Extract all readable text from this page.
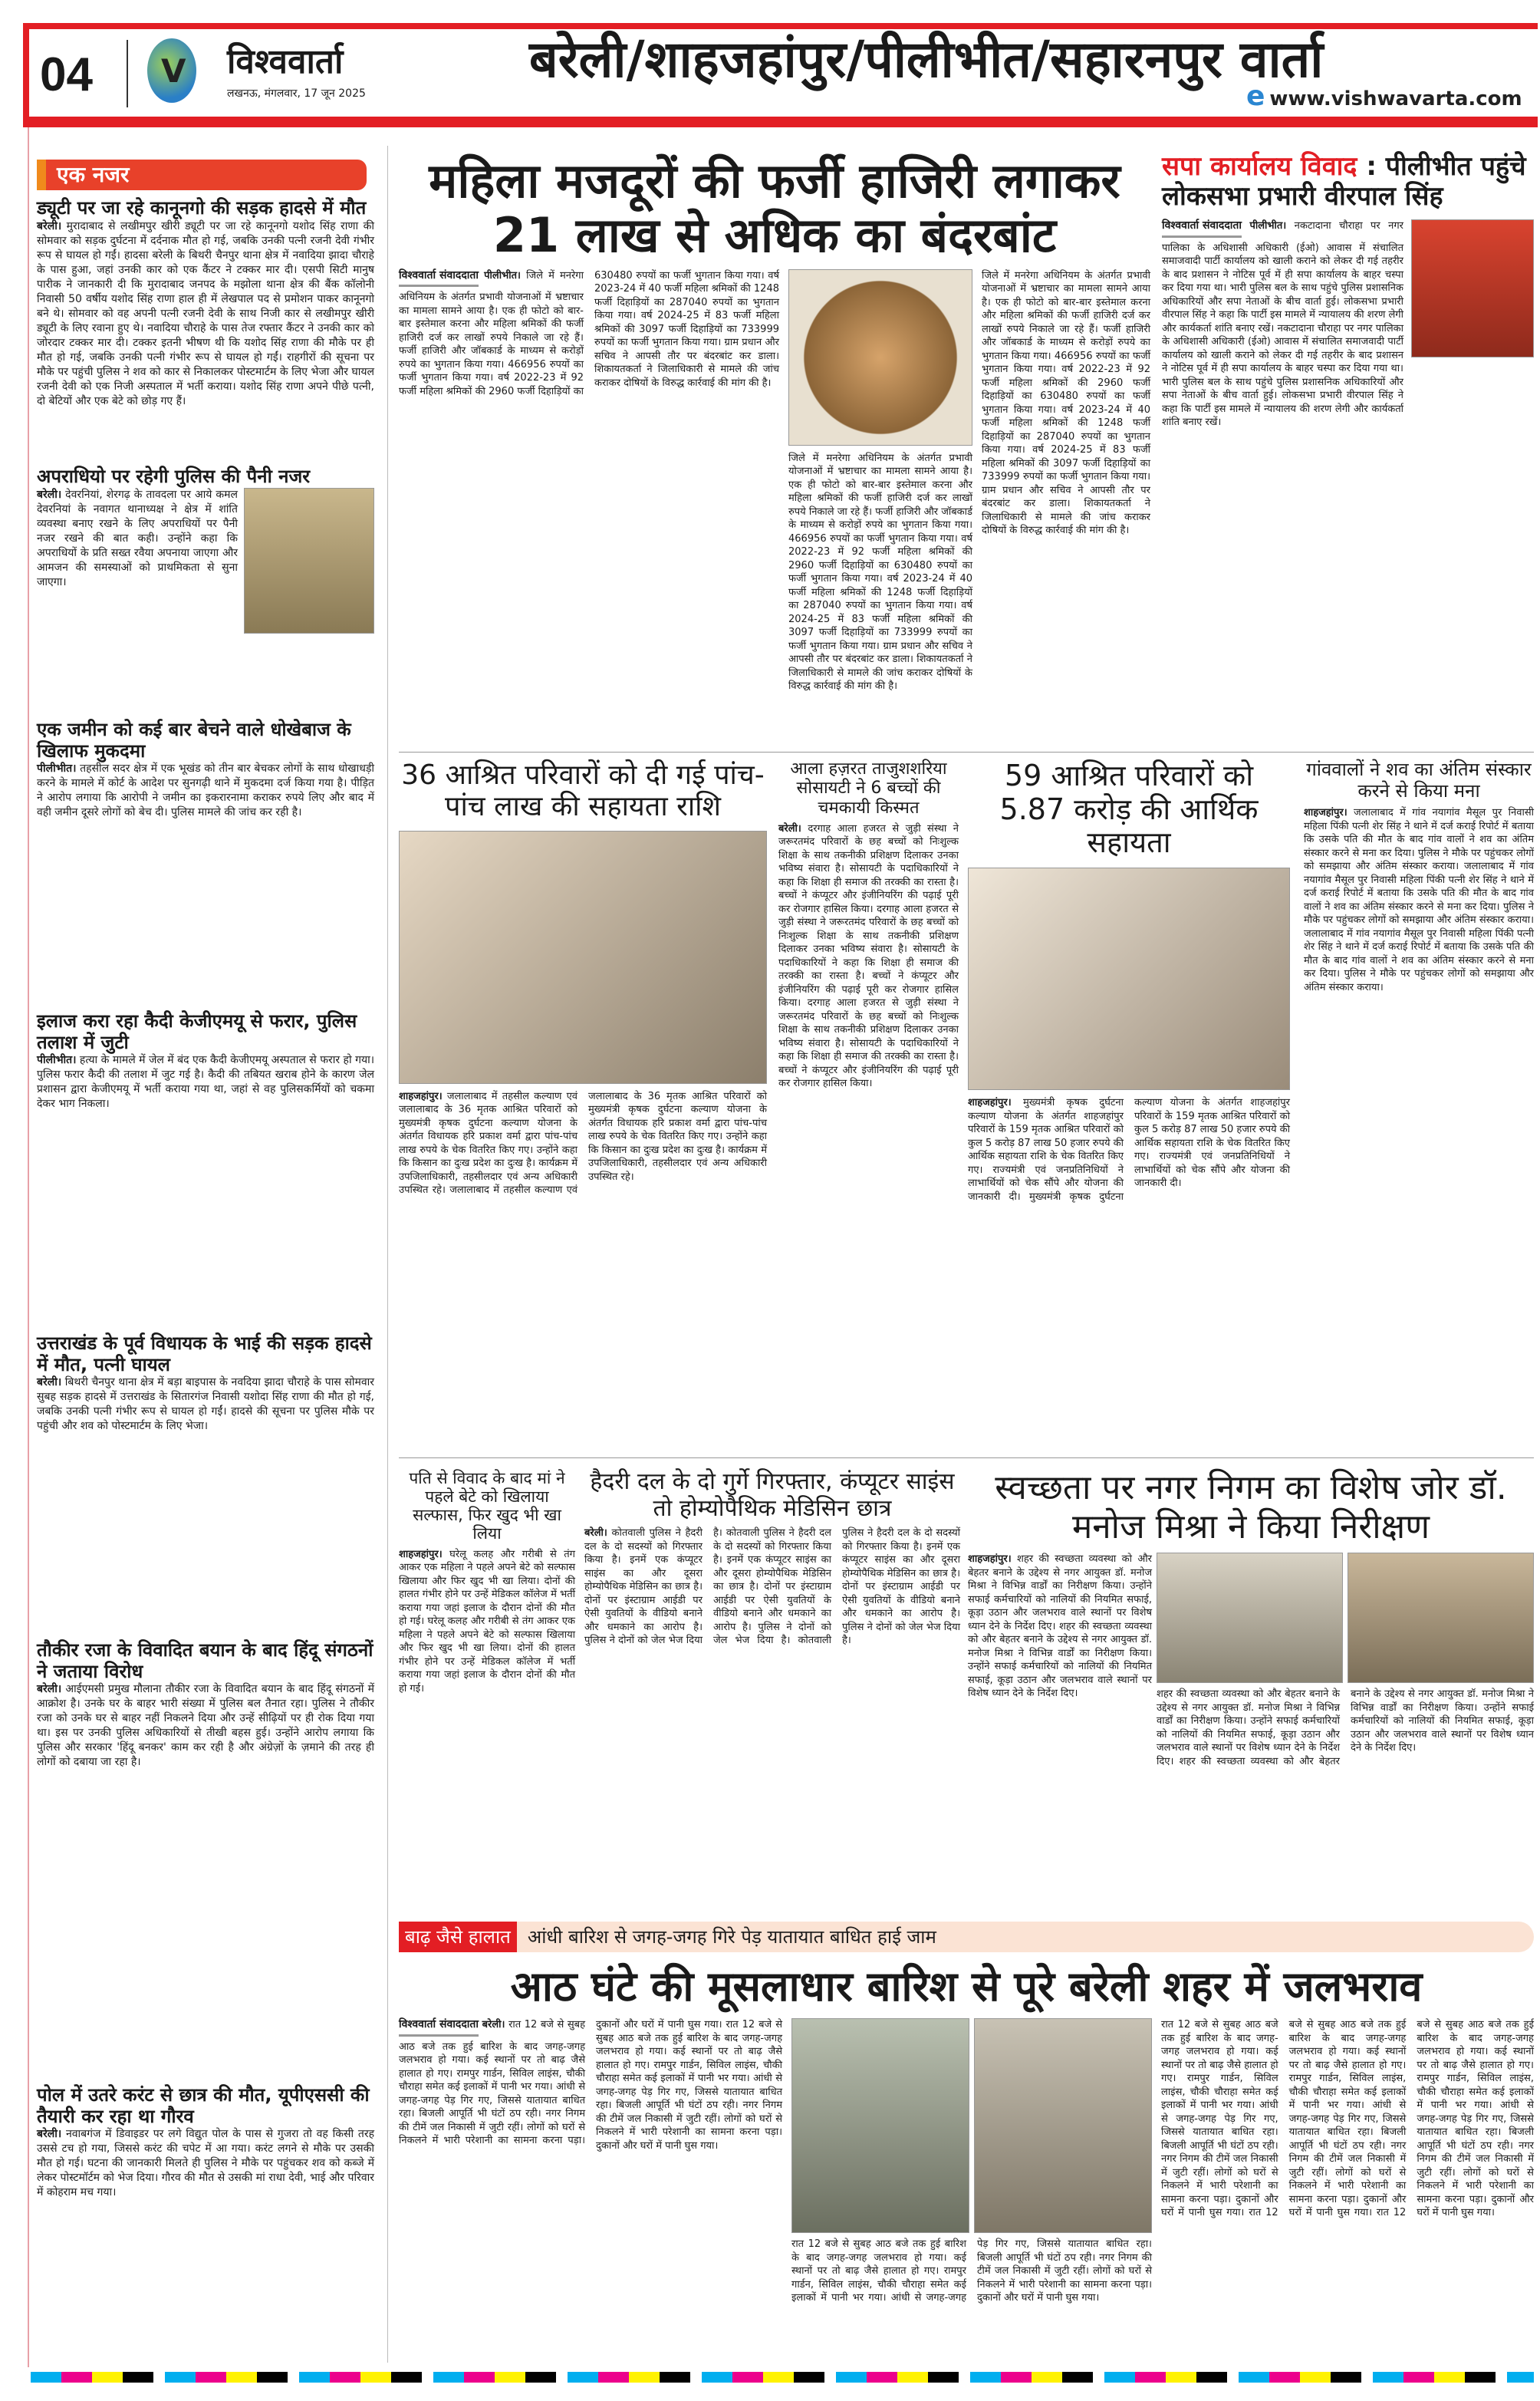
04 V विश्ववार्ता
लखनऊ, मंगलवार, 17 जून 2025
बरेली/शाहजहांपुर/पीलीभीत/सहारनपुर वार्ता
e www.vishwavarta.com
एक नजर
ड्यूटी पर जा रहे कानूनगो की सड़क हादसे में मौत
बरेली। मुरादाबाद से लखीमपुर खीरी ड्यूटी पर जा रहे कानूनगो यशोद सिंह राणा की सोमवार को सड़क दुर्घटना में दर्दनाक मौत हो गई, जबकि उनकी पत्नी रजनी देवी गंभीर रूप से घायल हो गईं। हादसा बरेली के बिथरी चैनपुर थाना क्षेत्र में नवादिया झादा चौराहे के पास हुआ, जहां उनकी कार को एक कैंटर ने टक्कर मार दी। एसपी सिटी मानुष पारीक ने जानकारी दी कि मुरादाबाद जनपद के मझोला थाना क्षेत्र की बैंक कॉलोनी निवासी 50 वर्षीय यशोद सिंह राणा हाल ही में लेखपाल पद से प्रमोशन पाकर कानूनगो बने थे। सोमवार को वह अपनी पत्नी रजनी देवी के साथ निजी कार से लखीमपुर खीरी ड्यूटी के लिए रवाना हुए थे। नवादिया चौराहे के पास तेज रफ्तार कैंटर ने उनकी कार को जोरदार टक्कर मार दी। टक्कर इतनी भीषण थी कि यशोद सिंह राणा की मौके पर ही मौत हो गई, जबकि उनकी पत्नी गंभीर रूप से घायल हो गईं। राहगीरों की सूचना पर मौके पर पहुंची पुलिस ने शव को कार से निकालकर पोस्टमार्टम के लिए भेजा और घायल रजनी देवी को एक निजी अस्पताल में भर्ती कराया। यशोद सिंह राणा अपने पीछे पत्नी, दो बेटियों और एक बेटे को छोड़ गए हैं।
अपराधियो पर रहेगी पुलिस की पैनी नजर
बरेली। देवरनियां, शेरगढ़ के तावदला पर आये कमल देवरनियां के नवागत थानाध्यक्ष ने क्षेत्र में शांति व्यवस्था बनाए रखने के लिए अपराधियों पर पैनी नजर रखने की बात कही। उन्होंने कहा कि अपराधियों के प्रति सख्त रवैया अपनाया जाएगा और आमजन की समस्याओं को प्राथमिकता से सुना जाएगा।
एक जमीन को कई बार बेचने वाले धोखेबाज के खिलाफ मुकदमा
पीलीभीत। तहसील सदर क्षेत्र में एक भूखंड को तीन बार बेचकर लोगों के साथ धोखाधड़ी करने के मामले में कोर्ट के आदेश पर सुनगढ़ी थाने में मुकदमा दर्ज किया गया है। पीड़ित ने आरोप लगाया कि आरोपी ने जमीन का इकरारनामा कराकर रुपये लिए और बाद में वही जमीन दूसरे लोगों को बेच दी। पुलिस मामले की जांच कर रही है।
इलाज करा रहा कैदी केजीएमयू से फरार, पुलिस तलाश में जुटी
पीलीभीत। हत्या के मामले में जेल में बंद एक कैदी केजीएमयू अस्पताल से फरार हो गया। पुलिस फरार कैदी की तलाश में जुट गई है। कैदी की तबियत खराब होने के कारण जेल प्रशासन द्वारा केजीएमयू में भर्ती कराया गया था, जहां से वह पुलिसकर्मियों को चकमा देकर भाग निकला।
उत्तराखंड के पूर्व विधायक के भाई की सड़क हादसे में मौत, पत्नी घायल
बरेली। बिथरी चैनपुर थाना क्षेत्र में बड़ा बाइपास के नवदिया झादा चौराहे के पास सोमवार सुबह सड़क हादसे में उत्तराखंड के सितारगंज निवासी यशोदा सिंह राणा की मौत हो गई, जबकि उनकी पत्नी गंभीर रूप से घायल हो गईं। हादसे की सूचना पर पुलिस मौके पर पहुंची और शव को पोस्टमार्टम के लिए भेजा।
तौकीर रजा के विवादित बयान के बाद हिंदू संगठनों ने जताया विरोध
बरेली। आईएमसी प्रमुख मौलाना तौकीर रजा के विवादित बयान के बाद हिंदू संगठनों में आक्रोश है। उनके घर के बाहर भारी संख्या में पुलिस बल तैनात रहा। पुलिस ने तौकीर रजा को उनके घर से बाहर नहीं निकलने दिया और उन्हें सीढ़ियों पर ही रोक दिया गया था। इस पर उनकी पुलिस अधिकारियों से तीखी बहस हुई। उन्होंने आरोप लगाया कि पुलिस और सरकार 'हिंदू बनकर' काम कर रही है और अंग्रेज़ों के ज़माने की तरह ही लोगों को दबाया जा रहा है।
पोल में उतरे करंट से छात्र की मौत, यूपीएससी की तैयारी कर रहा था गौरव
बरेली। नवाबगंज में डिवाइडर पर लगे विद्युत पोल के पास से गुजरा तो वह किसी तरह उससे टच हो गया, जिससे करंट की चपेट में आ गया। करंट लगने से मौके पर उसकी मौत हो गई। घटना की जानकारी मिलते ही पुलिस ने मौके पर पहुंचकर शव को कब्जे में लेकर पोस्टमॉर्टम को भेज दिया। गौरव की मौत से उसकी मां राधा देवी, भाई और परिवार में कोहराम मच गया।
महिला मजदूरों की फर्जी हाजिरी लगाकर
21 लाख से अधिक का बंदरबांट
विश्ववार्ता संवाददाता पीलीभीत। जिले में मनरेगा अधिनियम के अंतर्गत प्रभावी योजनाओं में भ्रष्टाचार का मामला सामने आया है। एक ही फोटो को बार-बार इस्तेमाल करना और महिला श्रमिकों की फर्जी हाजिरी दर्ज कर लाखों रुपये निकाले जा रहे हैं। फर्जी हाजिरी और जॉबकार्ड के माध्यम से करोड़ों रुपये का भुगतान किया गया। 466956 रुपयों का फर्जी भुगतान किया गया। वर्ष 2022-23 में 92 फर्जी महिला श्रमिकों की 2960 फर्जी दिहाड़ियों का 630480 रुपयों का फर्जी भुगतान किया गया। वर्ष 2023-24 में 40 फर्जी महिला श्रमिकों की 1248 फर्जी दिहाड़ियों का 287040 रुपयों का भुगतान किया गया। वर्ष 2024-25 में 83 फर्जी महिला श्रमिकों की 3097 फर्जी दिहाड़ियों का 733999 रुपयों का फर्जी भुगतान किया गया। ग्राम प्रधान और सचिव ने आपसी तौर पर बंदरबांट कर डाला। शिकायतकर्ता ने जिलाधिकारी से मामले की जांच कराकर दोषियों के विरुद्ध कार्रवाई की मांग की है।
जिले में मनरेगा अधिनियम के अंतर्गत प्रभावी योजनाओं में भ्रष्टाचार का मामला सामने आया है। एक ही फोटो को बार-बार इस्तेमाल करना और महिला श्रमिकों की फर्जी हाजिरी दर्ज कर लाखों रुपये निकाले जा रहे हैं। फर्जी हाजिरी और जॉबकार्ड के माध्यम से करोड़ों रुपये का भुगतान किया गया। 466956 रुपयों का फर्जी भुगतान किया गया। वर्ष 2022-23 में 92 फर्जी महिला श्रमिकों की 2960 फर्जी दिहाड़ियों का 630480 रुपयों का फर्जी भुगतान किया गया। वर्ष 2023-24 में 40 फर्जी महिला श्रमिकों की 1248 फर्जी दिहाड़ियों का 287040 रुपयों का भुगतान किया गया। वर्ष 2024-25 में 83 फर्जी महिला श्रमिकों की 3097 फर्जी दिहाड़ियों का 733999 रुपयों का फर्जी भुगतान किया गया। ग्राम प्रधान और सचिव ने आपसी तौर पर बंदरबांट कर डाला। शिकायतकर्ता ने जिलाधिकारी से मामले की जांच कराकर दोषियों के विरुद्ध कार्रवाई की मांग की है।
जिले में मनरेगा अधिनियम के अंतर्गत प्रभावी योजनाओं में भ्रष्टाचार का मामला सामने आया है। एक ही फोटो को बार-बार इस्तेमाल करना और महिला श्रमिकों की फर्जी हाजिरी दर्ज कर लाखों रुपये निकाले जा रहे हैं। फर्जी हाजिरी और जॉबकार्ड के माध्यम से करोड़ों रुपये का भुगतान किया गया। 466956 रुपयों का फर्जी भुगतान किया गया। वर्ष 2022-23 में 92 फर्जी महिला श्रमिकों की 2960 फर्जी दिहाड़ियों का 630480 रुपयों का फर्जी भुगतान किया गया। वर्ष 2023-24 में 40 फर्जी महिला श्रमिकों की 1248 फर्जी दिहाड़ियों का 287040 रुपयों का भुगतान किया गया। वर्ष 2024-25 में 83 फर्जी महिला श्रमिकों की 3097 फर्जी दिहाड़ियों का 733999 रुपयों का फर्जी भुगतान किया गया। ग्राम प्रधान और सचिव ने आपसी तौर पर बंदरबांट कर डाला। शिकायतकर्ता ने जिलाधिकारी से मामले की जांच कराकर दोषियों के विरुद्ध कार्रवाई की मांग की है।
सपा कार्यालय विवाद : पीलीभीत पहुंचे लोकसभा प्रभारी वीरपाल सिंह
विश्ववार्ता संवाददाता पीलीभीत। नकटादाना चौराहा पर नगर पालिका के अधिशासी अधिकारी (ईओ) आवास में संचालित समाजवादी पार्टी कार्यालय को खाली कराने को लेकर दी गई तहरीर के बाद प्रशासन ने नोटिस पूर्व में ही सपा कार्यालय के बाहर चस्पा कर दिया गया था। भारी पुलिस बल के साथ पहुंचे पुलिस प्रशासनिक अधिकारियों और सपा नेताओं के बीच वार्ता हुई। लोकसभा प्रभारी वीरपाल सिंह ने कहा कि पार्टी इस मामले में न्यायालय की शरण लेगी और कार्यकर्ता शांति बनाए रखें। नकटादाना चौराहा पर नगर पालिका के अधिशासी अधिकारी (ईओ) आवास में संचालित समाजवादी पार्टी कार्यालय को खाली कराने को लेकर दी गई तहरीर के बाद प्रशासन ने नोटिस पूर्व में ही सपा कार्यालय के बाहर चस्पा कर दिया गया था। भारी पुलिस बल के साथ पहुंचे पुलिस प्रशासनिक अधिकारियों और सपा नेताओं के बीच वार्ता हुई। लोकसभा प्रभारी वीरपाल सिंह ने कहा कि पार्टी इस मामले में न्यायालय की शरण लेगी और कार्यकर्ता शांति बनाए रखें।
36 आश्रित परिवारों को दी गई पांच-पांच लाख की सहायता राशि
शाहजहांपुर। जलालाबाद में तहसील कल्याण एवं जलालाबाद के 36 मृतक आश्रित परिवारों को मुख्यमंत्री कृषक दुर्घटना कल्याण योजना के अंतर्गत विधायक हरि प्रकाश वर्मा द्वारा पांच-पांच लाख रुपये के चेक वितरित किए गए। उन्होंने कहा कि किसान का दुःख प्रदेश का दुःख है। कार्यक्रम में उपजिलाधिकारी, तहसीलदार एवं अन्य अधिकारी उपस्थित रहे। जलालाबाद में तहसील कल्याण एवं जलालाबाद के 36 मृतक आश्रित परिवारों को मुख्यमंत्री कृषक दुर्घटना कल्याण योजना के अंतर्गत विधायक हरि प्रकाश वर्मा द्वारा पांच-पांच लाख रुपये के चेक वितरित किए गए। उन्होंने कहा कि किसान का दुःख प्रदेश का दुःख है। कार्यक्रम में उपजिलाधिकारी, तहसीलदार एवं अन्य अधिकारी उपस्थित रहे।
आला हज़रत ताजुशशरिया सोसायटी ने 6 बच्चों की चमकायी किस्मत
बरेली। दरगाह आला हजरत से जुड़ी संस्था ने जरूरतमंद परिवारों के छह बच्चों को निःशुल्क शिक्षा के साथ तकनीकी प्रशिक्षण दिलाकर उनका भविष्य संवारा है। सोसायटी के पदाधिकारियों ने कहा कि शिक्षा ही समाज की तरक्की का रास्ता है। बच्चों ने कंप्यूटर और इंजीनियरिंग की पढ़ाई पूरी कर रोजगार हासिल किया। दरगाह आला हजरत से जुड़ी संस्था ने जरूरतमंद परिवारों के छह बच्चों को निःशुल्क शिक्षा के साथ तकनीकी प्रशिक्षण दिलाकर उनका भविष्य संवारा है। सोसायटी के पदाधिकारियों ने कहा कि शिक्षा ही समाज की तरक्की का रास्ता है। बच्चों ने कंप्यूटर और इंजीनियरिंग की पढ़ाई पूरी कर रोजगार हासिल किया। दरगाह आला हजरत से जुड़ी संस्था ने जरूरतमंद परिवारों के छह बच्चों को निःशुल्क शिक्षा के साथ तकनीकी प्रशिक्षण दिलाकर उनका भविष्य संवारा है। सोसायटी के पदाधिकारियों ने कहा कि शिक्षा ही समाज की तरक्की का रास्ता है। बच्चों ने कंप्यूटर और इंजीनियरिंग की पढ़ाई पूरी कर रोजगार हासिल किया।
59 आश्रित परिवारों को 5.87 करोड़ की आर्थिक सहायता
शाहजहांपुर। मुख्यमंत्री कृषक दुर्घटना कल्याण योजना के अंतर्गत शाहजहांपुर परिवारों के 159 मृतक आश्रित परिवारों को कुल 5 करोड़ 87 लाख 50 हजार रुपये की आर्थिक सहायता राशि के चेक वितरित किए गए। राज्यमंत्री एवं जनप्रतिनिधियों ने लाभार्थियों को चेक सौंपे और योजना की जानकारी दी। मुख्यमंत्री कृषक दुर्घटना कल्याण योजना के अंतर्गत शाहजहांपुर परिवारों के 159 मृतक आश्रित परिवारों को कुल 5 करोड़ 87 लाख 50 हजार रुपये की आर्थिक सहायता राशि के चेक वितरित किए गए। राज्यमंत्री एवं जनप्रतिनिधियों ने लाभार्थियों को चेक सौंपे और योजना की जानकारी दी।
गांववालों ने शव का अंतिम संस्कार करने से किया मना
शाहजहांपुर। जलालाबाद में गांव नयागांव मैसूल पुर निवासी महिला पिंकी पत्नी शेर सिंह ने थाने में दर्ज कराई रिपोर्ट में बताया कि उसके पति की मौत के बाद गांव वालों ने शव का अंतिम संस्कार करने से मना कर दिया। पुलिस ने मौके पर पहुंचकर लोगों को समझाया और अंतिम संस्कार कराया। जलालाबाद में गांव नयागांव मैसूल पुर निवासी महिला पिंकी पत्नी शेर सिंह ने थाने में दर्ज कराई रिपोर्ट में बताया कि उसके पति की मौत के बाद गांव वालों ने शव का अंतिम संस्कार करने से मना कर दिया। पुलिस ने मौके पर पहुंचकर लोगों को समझाया और अंतिम संस्कार कराया। जलालाबाद में गांव नयागांव मैसूल पुर निवासी महिला पिंकी पत्नी शेर सिंह ने थाने में दर्ज कराई रिपोर्ट में बताया कि उसके पति की मौत के बाद गांव वालों ने शव का अंतिम संस्कार करने से मना कर दिया। पुलिस ने मौके पर पहुंचकर लोगों को समझाया और अंतिम संस्कार कराया।
पति से विवाद के बाद मां ने पहले बेटे को खिलाया सल्फास, फिर खुद भी खा लिया
शाहजहांपुर। घरेलू कलह और गरीबी से तंग आकर एक महिला ने पहले अपने बेटे को सल्फास खिलाया और फिर खुद भी खा लिया। दोनों की हालत गंभीर होने पर उन्हें मेडिकल कॉलेज में भर्ती कराया गया जहां इलाज के दौरान दोनों की मौत हो गई। घरेलू कलह और गरीबी से तंग आकर एक महिला ने पहले अपने बेटे को सल्फास खिलाया और फिर खुद भी खा लिया। दोनों की हालत गंभीर होने पर उन्हें मेडिकल कॉलेज में भर्ती कराया गया जहां इलाज के दौरान दोनों की मौत हो गई।
हैदरी दल के दो गुर्गे गिरफ्तार, कंप्यूटर साइंस तो होम्योपैथिक मेडिसिन छात्र
बरेली। कोतवाली पुलिस ने हैदरी दल के दो सदस्यों को गिरफ्तार किया है। इनमें एक कंप्यूटर साइंस का और दूसरा होम्योपैथिक मेडिसिन का छात्र है। दोनों पर इंस्टाग्राम आईडी पर ऐसी युवतियों के वीडियो बनाने और धमकाने का आरोप है। पुलिस ने दोनों को जेल भेज दिया है। कोतवाली पुलिस ने हैदरी दल के दो सदस्यों को गिरफ्तार किया है। इनमें एक कंप्यूटर साइंस का और दूसरा होम्योपैथिक मेडिसिन का छात्र है। दोनों पर इंस्टाग्राम आईडी पर ऐसी युवतियों के वीडियो बनाने और धमकाने का आरोप है। पुलिस ने दोनों को जेल भेज दिया है। कोतवाली पुलिस ने हैदरी दल के दो सदस्यों को गिरफ्तार किया है। इनमें एक कंप्यूटर साइंस का और दूसरा होम्योपैथिक मेडिसिन का छात्र है। दोनों पर इंस्टाग्राम आईडी पर ऐसी युवतियों के वीडियो बनाने और धमकाने का आरोप है। पुलिस ने दोनों को जेल भेज दिया है।
स्वच्छता पर नगर निगम का विशेष जोर डॉ. मनोज मिश्रा ने किया निरीक्षण
शाहजहांपुर। शहर की स्वच्छता व्यवस्था को और बेहतर बनाने के उद्देश्य से नगर आयुक्त डॉ. मनोज मिश्रा ने विभिन्न वार्डों का निरीक्षण किया। उन्होंने सफाई कर्मचारियों को नालियों की नियमित सफाई, कूड़ा उठान और जलभराव वाले स्थानों पर विशेष ध्यान देने के निर्देश दिए। शहर की स्वच्छता व्यवस्था को और बेहतर बनाने के उद्देश्य से नगर आयुक्त डॉ. मनोज मिश्रा ने विभिन्न वार्डों का निरीक्षण किया। उन्होंने सफाई कर्मचारियों को नालियों की नियमित सफाई, कूड़ा उठान और जलभराव वाले स्थानों पर विशेष ध्यान देने के निर्देश दिए।	शहर की स्वच्छता व्यवस्था को और बेहतर बनाने के उद्देश्य से नगर आयुक्त डॉ. मनोज मिश्रा ने विभिन्न वार्डों का निरीक्षण किया। उन्होंने सफाई कर्मचारियों को नालियों की नियमित सफाई, कूड़ा उठान और जलभराव वाले स्थानों पर विशेष ध्यान देने के निर्देश दिए। शहर की स्वच्छता व्यवस्था को और बेहतर बनाने के उद्देश्य से नगर आयुक्त डॉ. मनोज मिश्रा ने विभिन्न वार्डों का निरीक्षण किया। उन्होंने सफाई कर्मचारियों को नालियों की नियमित सफाई, कूड़ा उठान और जलभराव वाले स्थानों पर विशेष ध्यान देने के निर्देश दिए।
बाढ़ जैसे हालात आंधी बारिश से जगह-जगह गिरे पेड़ यातायात बाधित हाई जाम
आठ घंटे की मूसलाधार बारिश से पूरे बरेली शहर में जलभराव
विश्ववार्ता संवाददाता बरेली। रात 12 बजे से सुबह आठ बजे तक हुई बारिश के बाद जगह-जगह जलभराव हो गया। कई स्थानों पर तो बाढ़ जैसे हालात हो गए। रामपुर गार्डन, सिविल लाइंस, चौकी चौराहा समेत कई इलाकों में पानी भर गया। आंधी से जगह-जगह पेड़ गिर गए, जिससे यातायात बाधित रहा। बिजली आपूर्ति भी घंटों ठप रही। नगर निगम की टीमें जल निकासी में जुटी रहीं। लोगों को घरों से निकलने में भारी परेशानी का सामना करना पड़ा। दुकानों और घरों में पानी घुस गया। रात 12 बजे से सुबह आठ बजे तक हुई बारिश के बाद जगह-जगह जलभराव हो गया। कई स्थानों पर तो बाढ़ जैसे हालात हो गए। रामपुर गार्डन, सिविल लाइंस, चौकी चौराहा समेत कई इलाकों में पानी भर गया। आंधी से जगह-जगह पेड़ गिर गए, जिससे यातायात बाधित रहा। बिजली आपूर्ति भी घंटों ठप रही। नगर निगम की टीमें जल निकासी में जुटी रहीं। लोगों को घरों से निकलने में भारी परेशानी का सामना करना पड़ा। दुकानों और घरों में पानी घुस गया।
रात 12 बजे से सुबह आठ बजे तक हुई बारिश के बाद जगह-जगह जलभराव हो गया। कई स्थानों पर तो बाढ़ जैसे हालात हो गए। रामपुर गार्डन, सिविल लाइंस, चौकी चौराहा समेत कई इलाकों में पानी भर गया। आंधी से जगह-जगह पेड़ गिर गए, जिससे यातायात बाधित रहा। बिजली आपूर्ति भी घंटों ठप रही। नगर निगम की टीमें जल निकासी में जुटी रहीं। लोगों को घरों से निकलने में भारी परेशानी का सामना करना पड़ा। दुकानों और घरों में पानी घुस गया।
रात 12 बजे से सुबह आठ बजे तक हुई बारिश के बाद जगह-जगह जलभराव हो गया। कई स्थानों पर तो बाढ़ जैसे हालात हो गए। रामपुर गार्डन, सिविल लाइंस, चौकी चौराहा समेत कई इलाकों में पानी भर गया। आंधी से जगह-जगह पेड़ गिर गए, जिससे यातायात बाधित रहा। बिजली आपूर्ति भी घंटों ठप रही। नगर निगम की टीमें जल निकासी में जुटी रहीं। लोगों को घरों से निकलने में भारी परेशानी का सामना करना पड़ा। दुकानों और घरों में पानी घुस गया। रात 12 बजे से सुबह आठ बजे तक हुई बारिश के बाद जगह-जगह जलभराव हो गया। कई स्थानों पर तो बाढ़ जैसे हालात हो गए। रामपुर गार्डन, सिविल लाइंस, चौकी चौराहा समेत कई इलाकों में पानी भर गया। आंधी से जगह-जगह पेड़ गिर गए, जिससे यातायात बाधित रहा। बिजली आपूर्ति भी घंटों ठप रही। नगर निगम की टीमें जल निकासी में जुटी रहीं। लोगों को घरों से निकलने में भारी परेशानी का सामना करना पड़ा। दुकानों और घरों में पानी घुस गया। रात 12 बजे से सुबह आठ बजे तक हुई बारिश के बाद जगह-जगह जलभराव हो गया। कई स्थानों पर तो बाढ़ जैसे हालात हो गए। रामपुर गार्डन, सिविल लाइंस, चौकी चौराहा समेत कई इलाकों में पानी भर गया। आंधी से जगह-जगह पेड़ गिर गए, जिससे यातायात बाधित रहा। बिजली आपूर्ति भी घंटों ठप रही। नगर निगम की टीमें जल निकासी में जुटी रहीं। लोगों को घरों से निकलने में भारी परेशानी का सामना करना पड़ा। दुकानों और घरों में पानी घुस गया।
